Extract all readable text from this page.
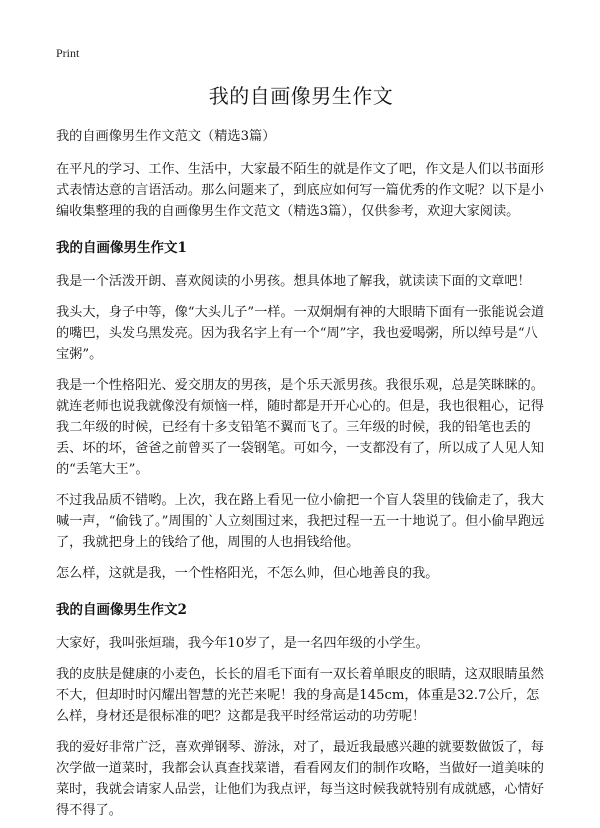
Print
我的自画像男生作文
我的自画像男生作文范文（精选3篇）
在平凡的学习、工作、生活中，大家最不陌生的就是作文了吧，作文是人们以书面形式表情达意的言语活动。那么问题来了，到底应如何写一篇优秀的作文呢？以下是小编收集整理的我的自画像男生作文范文（精选3篇），仅供参考，欢迎大家阅读。
我的自画像男生作文1
我是一个活泼开朗、喜欢阅读的小男孩。想具体地了解我，就读读下面的文章吧！
我头大，身子中等，像“大头儿子”一样。一双炯炯有神的大眼睛下面有一张能说会道的嘴巴，头发乌黑发亮。因为我名字上有一个“周”字，我也爱喝粥，所以绰号是“八宝粥”。
我是一个性格阳光、爱交朋友的男孩，是个乐天派男孩。我很乐观，总是笑眯眯的。就连老师也说我就像没有烦恼一样，随时都是开开心心的。但是，我也很粗心，记得我二年级的时候，已经有十多支铅笔不翼而飞了。三年级的时候，我的铅笔也丢的丢、坏的坏，爸爸之前曾买了一袋钢笔。可如今，一支都没有了，所以成了人见人知的“丢笔大王”。
不过我品质不错哟。上次，我在路上看见一位小偷把一个盲人袋里的钱偷走了，我大喊一声，“偷钱了。”周围的`人立刻围过来，我把过程一五一十地说了。但小偷早跑远了，我就把身上的钱给了他，周围的人也捐钱给他。
怎么样，这就是我，一个性格阳光，不怎么帅，但心地善良的我。
我的自画像男生作文2
大家好，我叫张烜瑞，我今年10岁了，是一名四年级的小学生。
我的皮肤是健康的小麦色，长长的眉毛下面有一双长着单眼皮的眼睛，这双眼睛虽然不大，但却时时闪耀出智慧的光芒来呢！我的身高是145cm，体重是32.7公斤，怎么样，身材还是很标准的吧？这都是我平时经常运动的功劳呢！
我的爱好非常广泛，喜欢弹钢琴、游泳，对了，最近我最感兴趣的就要数做饭了，每次学做一道菜时，我都会认真查找菜谱，看看网友们的制作攻略，当做好一道美味的菜时，我就会请家人品尝，让他们为我点评，每当这时候我就特别有成就感，心情好得不得了。
